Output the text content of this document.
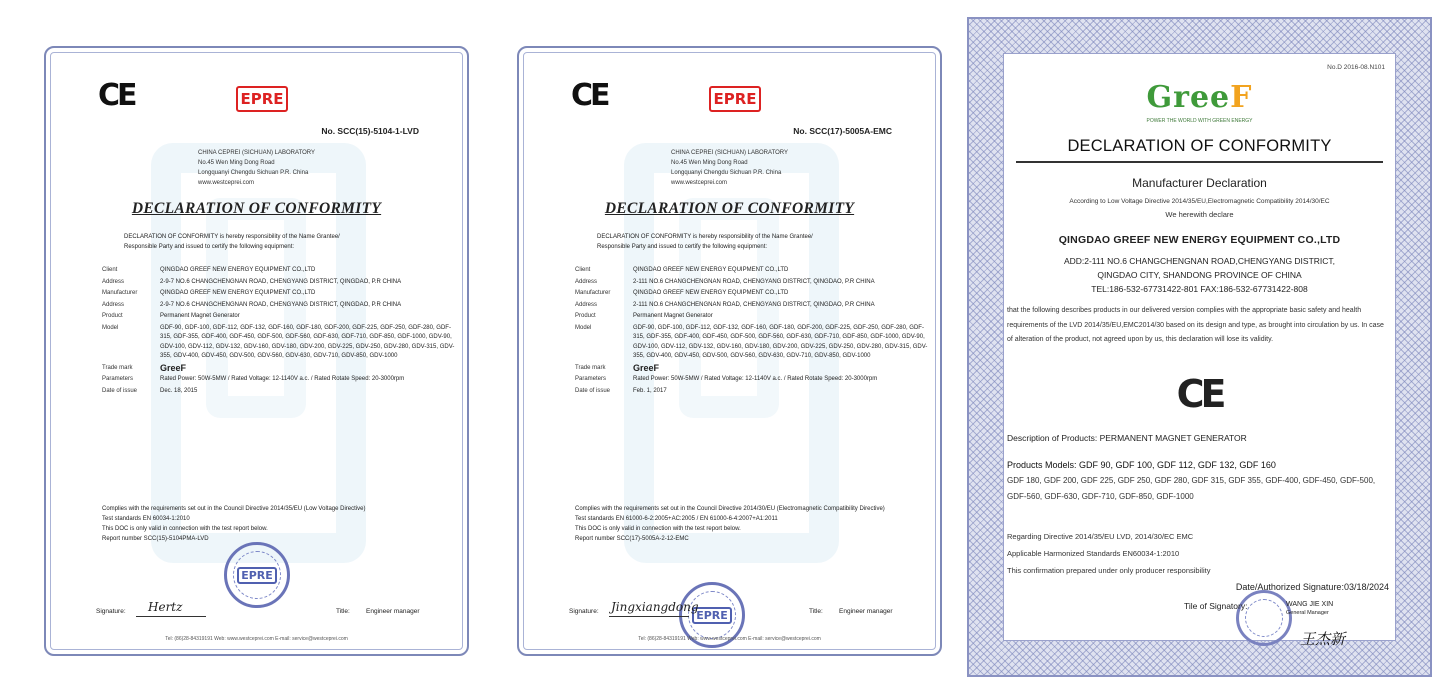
CE	EPRE
No. SCC(15)-5104-1-LVD
CHINA CEPREI (SICHUAN) LABORATORY
No.45 Wen Ming Dong Road
Longquanyi Chengdu Sichuan P.R. China
www.westceprei.com
DECLARATION OF CONFORMITY
DECLARATION OF CONFORMITY is hereby responsibility of the Name Grantee/
Responsible Party and issued to certify the following equipment:
Client	QINGDAO GREEF NEW ENERGY EQUIPMENT CO.,LTD
Address	2-9-7 NO.6 CHANGCHENGNAN ROAD, CHENGYANG DISTRICT, QINGDAO, P.R CHINA
Manufacturer	QINGDAO GREEF NEW ENERGY EQUIPMENT CO.,LTD
Address	2-9-7 NO.6 CHANGCHENGNAN ROAD, CHENGYANG DISTRICT, QINGDAO, P.R CHINA
Product	Permanent Magnet Generator
Model	GDF-90, GDF-100, GDF-112, GDF-132, GDF-160, GDF-180, GDF-200, GDF-225, GDF-250, GDF-280, GDF-315, GDF-355, GDF-400, GDF-450, GDF-500, GDF-560, GDF-630, GDF-710, GDF-850, GDF-1000, GDV-90, GDV-100, GDV-112, GDV-132, GDV-160, GDV-180, GDV-200, GDV-225, GDV-250, GDV-280, GDV-315, GDV-355, GDV-400, GDV-450, GDV-500, GDV-560, GDV-630, GDV-710, GDV-850, GDV-1000
Trade mark	GreeF
Parameters	Rated Power: 50W-5MW / Rated Voltage: 12-1140V a.c. / Rated Rotate Speed: 20-3000rpm
Date of issue	Dec. 18, 2015
Complies with the requirements set out in the Council Directive 2014/35/EU (Low Voltage Directive)
Test standards EN 60034-1:2010
This DOC is only valid in connection with the test report below.
Report number SCC(15)-5104PMA-LVD
EPRE
Signature: Hertz	Title: Engineer manager
Tel: (86)28-84319191 Web: www.westceprei.com E-mail: service@westceprei.com
CE	EPRE
No. SCC(17)-5005A-EMC
CHINA CEPREI (SICHUAN) LABORATORY
No.45 Wen Ming Dong Road
Longquanyi Chengdu Sichuan P.R. China
www.westceprei.com
DECLARATION OF CONFORMITY
DECLARATION OF CONFORMITY is hereby responsibility of the Name Grantee/
Responsible Party and issued to certify the following equipment:
Client	QINGDAO GREEF NEW ENERGY EQUIPMENT CO.,LTD
Address	2-111 NO.6 CHANGCHENGNAN ROAD, CHENGYANG DISTRICT, QINGDAO, P.R CHINA
Manufacturer	QINGDAO GREEF NEW ENERGY EQUIPMENT CO.,LTD
Address	2-111 NO.6 CHANGCHENGNAN ROAD, CHENGYANG DISTRICT, QINGDAO, P.R CHINA
Product	Permanent Magnet Generator
Model	GDF-90, GDF-100, GDF-112, GDF-132, GDF-160, GDF-180, GDF-200, GDF-225, GDF-250, GDF-280, GDF-315, GDF-355, GDF-400, GDF-450, GDF-500, GDF-560, GDF-630, GDF-710, GDF-850, GDF-1000, GDV-90, GDV-100, GDV-112, GDV-132, GDV-160, GDV-180, GDV-200, GDV-225, GDV-250, GDV-280, GDV-315, GDV-355, GDV-400, GDV-450, GDV-500, GDV-560, GDV-630, GDV-710, GDV-850, GDV-1000
Trade mark	GreeF
Parameters	Rated Power: 50W-5MW / Rated Voltage: 12-1140V a.c. / Rated Rotate Speed: 20-3000rpm
Date of issue	Feb. 1, 2017
Complies with the requirements set out in the Council Directive 2014/30/EU (Electromagnetic Compatibility Directive)
Test standards EN 61000-6-2:2005+AC:2005 / EN 61000-6-4:2007+A1:2011
This DOC is only valid in connection with the test report below.
Report number SCC(17)-5005A-2-12-EMC
EPRE
Signature: Jingxiangdong	Title: Engineer manager
Tel: (86)28-84319191 Web: www.westceprei.com E-mail: service@westceprei.com
No.D 2016-08.N101
GreeF
POWER THE WORLD WITH GREEN ENERGY
DECLARATION OF CONFORMITY
Manufacturer Declaration
According to Low Voltage Directive 2014/35/EU,Electromagnetic Compatibility 2014/30/EC
We herewith declare
QINGDAO GREEF NEW ENERGY EQUIPMENT CO.,LTD
ADD:2-111 NO.6 CHANGCHENGNAN ROAD,CHENGYANG DISTRICT,
QINGDAO CITY, SHANDONG PROVINCE OF CHINA
TEL:186-532-67731422-801 FAX:186-532-67731422-808
that the following describes products in our delivered version complies with the appropriate basic safety and health requirements of the LVD 2014/35/EU,EMC2014/30 based on its design and type, as brought into circulation by us. In case of alteration of the product, not agreed upon by us, this declaration will lose its validity.
CE
Description of Products: PERMANENT MAGNET GENERATOR
Products Models: GDF 90, GDF 100, GDF 112, GDF 132, GDF 160
GDF 180, GDF 200, GDF 225, GDF 250, GDF 280, GDF 315, GDF 355, GDF-400, GDF-450, GDF-500, GDF-560, GDF-630, GDF-710, GDF-850, GDF-1000
Regarding Directive 2014/35/EU LVD, 2014/30/EC EMC
Applicable Harmonized Standards EN60034-1:2010
This confirmation prepared under only producer responsibility
Date/Authorized Signature:03/18/2024
Tile of Signatory:	WANG JIE XIN
General Manager
王杰新
